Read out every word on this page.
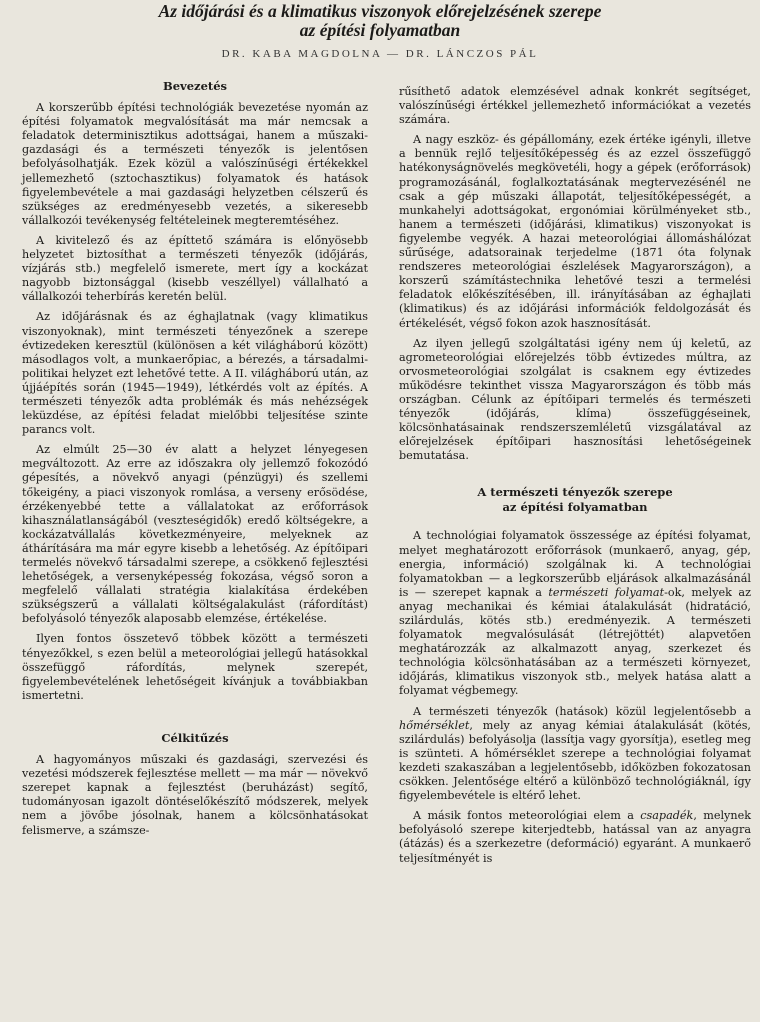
Az időjárási és a klimatikus viszonyok előrejelzésének szerepe
az építési folyamatban
DR. KABA MAGDOLNA — DR. LÁNCZOS PÁL
Bevezetés

A korszerűbb építési technológiák bevezetése nyomán az építési folyamatok megvalósítását ma már nemcsak a feladatok determinisztikus adottságai, hanem a műszaki-gazdasági és a természeti tényezők is jelentősen befolyásolhatják. Ezek közül a valószínűségi értékekkel jellemezhető (sztochasztikus) folyamatok és hatások figyelembevétele a mai gazdasági helyzetben célszerű és szükséges az eredményesebb vezetés, a sikeresebb vállalkozói tevékenység feltételeinek megteremtéséhez.

A kivitelező és az építtető számára is előnyösebb helyzetet biztosíthat a természeti tényezők (időjárás, vízjárás stb.) megfelelő ismerete, mert így a kockázat nagyobb biztonsággal (kisebb veszéllyel) vállalható a vállalkozói teherbírás keretén belül.

Az időjárásnak és az éghajlatnak (vagy klimatikus viszonyoknak), mint természeti tényezőnek a szerepe évtizedeken keresztül (különösen a két világháború között) másodlagos volt, a munkaerőpiac, a bérezés, a társadalmi-politikai helyzet ezt lehetővé tette. A II. világháború után, az újjáépítés során (1945—1949), létkérdés volt az építés. A természeti tényezők adta problémák és más nehézségek leküzdése, az építési feladat mielőbbi teljesítése szinte parancs volt.

Az elmúlt 25—30 év alatt a helyzet lényegesen megváltozott. Az erre az időszakra oly jellemző fokozódó gépesítés, a növekvő anyagi (pénzügyi) és szellemi tőkeigény, a piaci viszonyok romlása, a verseny erősödése, érzékenyebbé tette a vállalatokat az erőforrások kihasználatlanságából (veszteségidők) eredő költségekre, a kockázatvállalás következményeire, melyeknek az áthárítására ma már egyre kisebb a lehetőség. Az építőipari termelés növekvő társadalmi szerepe, a csökkenő fejlesztési lehetőségek, a versenyképesség fokozása, végső soron a megfelelő vállalati stratégia kialakítása érdekében szükségszerű a vállalati költségalakulást (ráfordítást) befolyásoló tényezők alaposabb elemzése, értékelése.

Ilyen fontos összetevő többek között a természeti tényezőkkel, s ezen belül a meteorológiai jellegű hatásokkal összefüggő ráfordítás, melynek szerepét, figyelembevételének lehetőségeit kívánjuk a továbbiakban ismertetni.

Célkitűzés

A hagyományos műszaki és gazdasági, szervezési és vezetési módszerek fejlesztése mellett — ma már — növekvő szerepet kapnak a fejlesztést (beruházást) segítő, tudományosan igazolt döntéselőkészítő módszerek, melyek nem a jövőbe jósolnak, hanem a kölcsönhatásokat felismerve, a számsze-

rűsíthető adatok elemzésével adnak konkrét segítséget, valószínűségi értékkel jellemezhető információkat a vezetés számára.

A nagy eszköz- és gépállomány, ezek értéke igényli, illetve a bennük rejlő teljesítőképesség és az ezzel összefüggő hatékonyságnövelés megkövetéli, hogy a gépek (erőforrások) programozásánál, foglalkoztatásának megtervezésénél ne csak a gép műszaki állapotát, teljesítőképességét, a munkahelyi adottságokat, ergonómiai körülményeket stb., hanem a természeti (időjárási, klimatikus) viszonyokat is figyelembe vegyék. A hazai meteorológiai állomáshálózat sűrűsége, adatsorainak terjedelme (1871 óta folynak rendszeres meteorológiai észlelések Magyarországon), a korszerű számítástechnika lehetővé teszi a termelési feladatok előkészítésében, ill. irányításában az éghajlati (klimatikus) és az időjárási információk feldolgozását és értékelését, végső fokon azok hasznosítását.

Az ilyen jellegű szolgáltatási igény nem új keletű, az agrometeorológiai előrejelzés több évtizedes múltra, az orvosmeteorológiai szolgálat is csaknem egy évtizedes működésre tekinthet vissza Magyarországon és több más országban. Célunk az építőipari termelés és természeti tényezők (időjárás, klíma) összefüggéseinek, kölcsönhatásainak rendszerszemléletű vizsgálatával az előrejelzések építőipari hasznosítási lehetőségeinek bemutatása.

A természeti tényezők szerepe
az építési folyamatban

A technológiai folyamatok összessége az építési folyamat, melyet meghatározott erőforrások (munkaerő, anyag, gép, energia, információ) szolgálnak ki. A technológiai folyamatokban — a legkorszerűbb eljárások alkalmazásánál is — szerepet kapnak a természeti folyamat-ok, melyek az anyag mechanikai és kémiai átalakulását (hidratáció, szilárdulás, kötés stb.) eredményezik. A természeti folyamatok megvalósulását (létrejöttét) alapvetően meghatározzák az alkalmazott anyag, szerkezet és technológia kölcsönhatásában az a természeti környezet, időjárás, klimatikus viszonyok stb., melyek hatása alatt a folyamat végbemegy.

A természeti tényezők (hatások) közül legjelentősebb a hőmérséklet, mely az anyag kémiai átalakulását (kötés, szilárdulás) befolyásolja (lassítja vagy gyorsítja), esetleg meg is szünteti. A hőmérséklet szerepe a technológiai folyamat kezdeti szakaszában a legjelentősebb, időközben fokozatosan csökken. Jelentősége eltérő a különböző technológiáknál, így figyelembevétele is eltérő lehet.

A másik fontos meteorológiai elem a csapadék, melynek befolyásoló szerepe kiterjedtebb, hatással van az anyagra (átázás) és a szerkezetre (deformáció) egyaránt. A munkaerő teljesítményét is
